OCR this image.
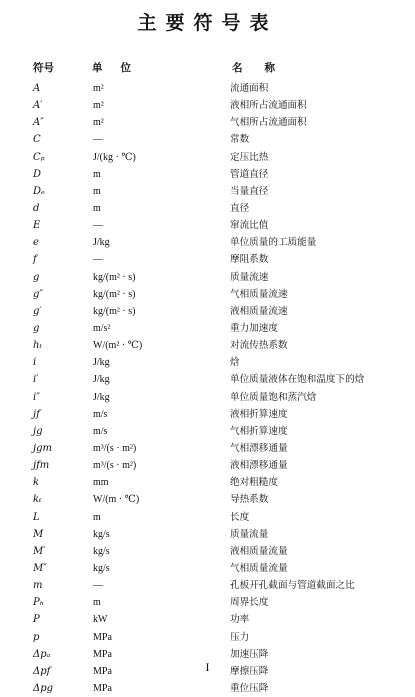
主要符号表
符号	单位	名称
A	m²	流通面积
A′	m²	液相所占流通面积
A″	m²	气相所占流通面积
C	—	常数
Cₚ	J/(kg · ℃)	定压比热
D	m	管道直径
Dₑ	m	当量直径
d	m	直径
E	—	窜流比值
e	J/kg	单位质量的工质能量
f	—	摩阻系数
g	kg/(m² · s)	质量流速
g″	kg/(m² · s)	气相质量流速
g′	kg/(m² · s)	液相质量流速
g	m/s²	重力加速度
hₜ	W/(m² · ℃)	对流传热系数
i	J/kg	焓
i′	J/kg	单位质量液体在饱和温度下的焓
i″	J/kg	单位质量饱和蒸汽焓
jf	m/s	液相折算速度
jg	m/s	气相折算速度
jgm	m³/(s · m²)	气相漂移通量
jfm	m³/(s · m²)	液相漂移通量
k	mm	绝对粗糙度
kₜ	W/(m · ℃)	导热系数
L	m	长度
M	kg/s	质量流量
M′	kg/s	液相质量流量
M″	kg/s	气相质量流量
m	—	孔板开孔截面与管道截面之比
Pₕ	m	周界长度
P	kW	功率
p	MPa	压力
Δpₐ	MPa	加速压降
Δpf	MPa	摩擦压降
Δpg	MPa	重位压降
I
